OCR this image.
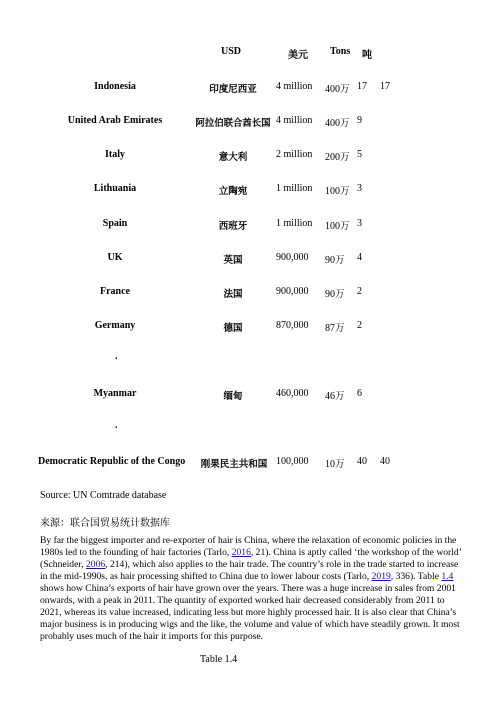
USD	美元 Tons 吨
Indonesia	印度尼西亚	4 million 400万 17 17
United Arab Emirates	阿拉伯联合酋长国 4 million 400万 9
Italy	意大利	2 million 200万 5
Lithuania	立陶宛	1 million 100万 3
Spain	西班牙	1 million 100万 3
UK	英国	900,000 90万 4
France	法国	900,000 90万 2
Germany	德国	870,000 87万 2
.
Myanmar	缅甸	460,000 46万 6
.
Democratic Republic of the Congo	刚果民主共和国 100,000 10万 40 40
Source: UN Comtrade database
来源：联合国贸易统计数据库
By far the biggest importer and re-exporter of hair is China, where the relaxation of economic policies in the 1980s led to the founding of hair factories (Tarlo, 2016, 21). China is aptly called ‘the workshop of the world’ (Schneider, 2006, 214), which also applies to the hair trade. The country’s role in the trade started to increase in the mid-1990s, as hair processing shifted to China due to lower labour costs (Tarlo, 2019, 336). Table 1.4 shows how China’s exports of hair have grown over the years. There was a huge increase in sales from 2001 onwards, with a peak in 2011. The quantity of exported worked hair decreased considerably from 2011 to 2021, whereas its value increased, indicating less but more highly processed hair. It is also clear that China’s major business is in producing wigs and the like, the volume and value of which have steadily grown. It most probably uses much of the hair it imports for this purpose.
Table 1.4
